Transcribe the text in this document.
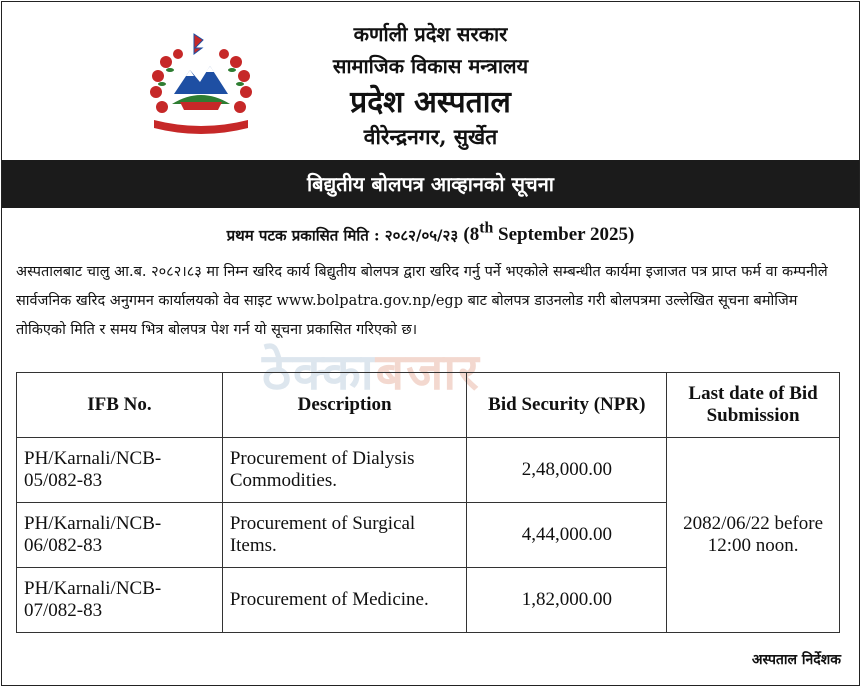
कर्णाली प्रदेश सरकार
सामाजिक विकास मन्त्रालय
प्रदेश अस्पताल
वीरेन्द्रनगर, सुर्खेत
बिद्युतीय बोलपत्र आव्हानको सूचना
प्रथम पटक प्रकासित मिति : २०८२/०५/२३ (8th September 2025)
अस्पतालबाट चालु आ.ब. २०८२।८३ मा निम्न खरिद कार्य बिद्युतीय बोलपत्र द्वारा खरिद गर्नु पर्ने भएकोले सम्बन्धीत कार्यमा इजाजत पत्र प्राप्त फर्म वा कम्पनीले सार्वजनिक खरिद अनुगमन कार्यालयको वेव साइट www.bolpatra.gov.np/egp बाट बोलपत्र डाउनलोड गरी बोलपत्रमा उल्लेखित सूचना बमोजिम तोकिएको मिति र समय भित्र बोलपत्र पेश गर्न यो सूचना प्रकासित गरिएको छ।
ठेक्काबजार
IFB No.	Description	Bid Security (NPR)	Last date of Bid Submission
PH/Karnali/NCB-05/082-83	Procurement of Dialysis Commodities.	2,48,000.00	2082/06/22 before 12:00 noon.
PH/Karnali/NCB-06/082-83	Procurement of Surgical Items.	4,44,000.00	
PH/Karnali/NCB-07/082-83	Procurement of Medicine.	1,82,000.00	
अस्पताल निर्देशक
